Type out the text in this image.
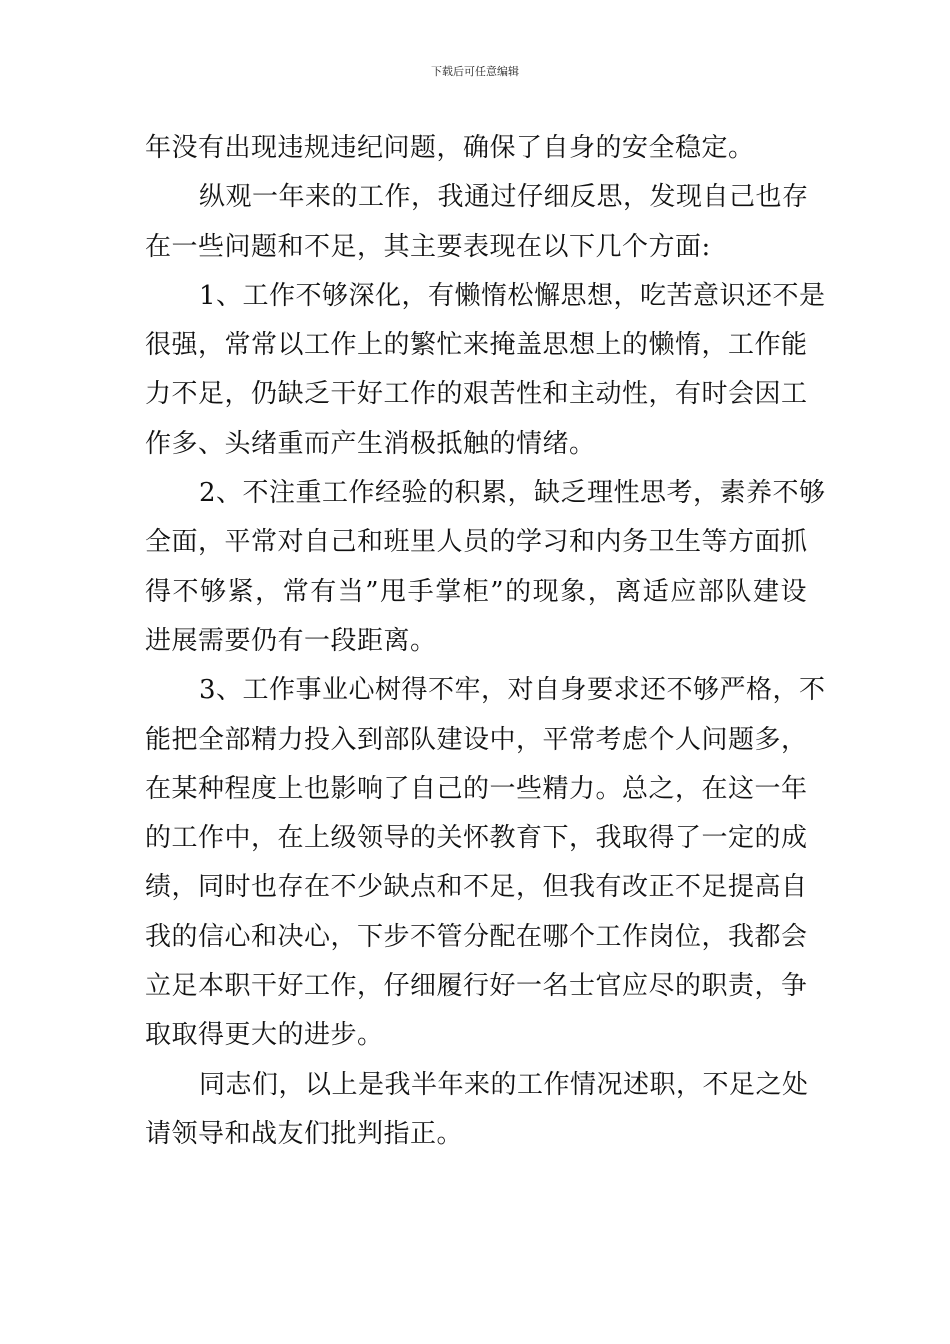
下载后可任意编辑
年没有出现违规违纪问题，确保了自身的安全稳定。
纵观一年来的工作，我通过仔细反思，发现自己也存
在一些问题和不足，其主要表现在以下几个方面:
1、工作不够深化，有懒惰松懈思想，吃苦意识还不是
很强，常常以工作上的繁忙来掩盖思想上的懒惰，工作能
力不足，仍缺乏干好工作的艰苦性和主动性，有时会因工
作多、头绪重而产生消极抵触的情绪。
2、不注重工作经验的积累，缺乏理性思考，素养不够
全面，平常对自己和班里人员的学习和内务卫生等方面抓
得不够紧，常有当”甩手掌柜”的现象，离适应部队建设
进展需要仍有一段距离。
3、工作事业心树得不牢，对自身要求还不够严格，不
能把全部精力投入到部队建设中，平常考虑个人问题多，
在某种程度上也影响了自己的一些精力。总之，在这一年
的工作中，在上级领导的关怀教育下，我取得了一定的成
绩，同时也存在不少缺点和不足，但我有改正不足提高自
我的信心和决心，下步不管分配在哪个工作岗位，我都会
立足本职干好工作，仔细履行好一名士官应尽的职责，争
取取得更大的进步。
同志们，以上是我半年来的工作情况述职，不足之处
请领导和战友们批判指正。
